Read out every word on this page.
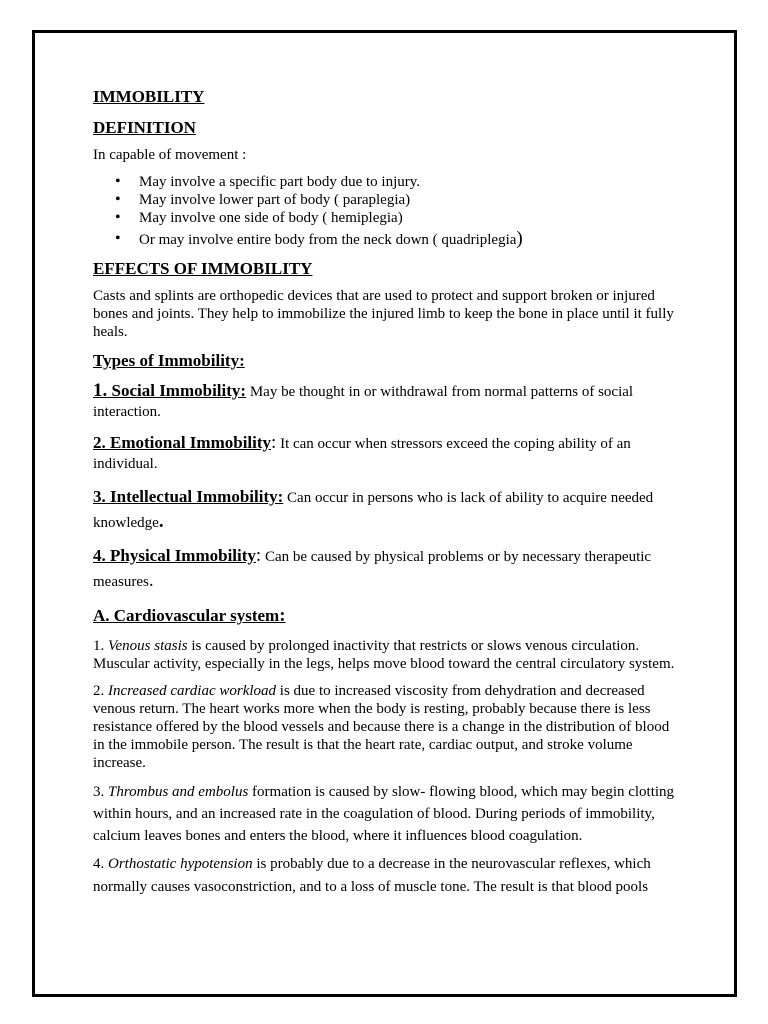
IMMOBILITY
DEFINITION

In capable of movement :

• May involve a specific part body due to injury.
• May involve lower part of body ( paraplegia)
• May involve one side of body ( hemiplegia)
• Or may involve entire body from the neck down ( quadriplegia)
EFFECTS OF IMMOBILITY

Casts and splints are orthopedic devices that are used to protect and support broken or injured bones and joints. They help to immobilize the injured limb to keep the bone in place until it fully heals.

Types of Immobility:

1. Social Immobility: May be thought in or withdrawal from normal patterns of social interaction.

2. Emotional Immobility: It can occur when stressors exceed the coping ability of an individual.

3. Intellectual Immobility: Can occur in persons who is lack of ability to acquire needed knowledge.

4. Physical Immobility: Can be caused by physical problems or by necessary therapeutic measures.

A. Cardiovascular system:

1. Venous stasis is caused by prolonged inactivity that restricts or slows venous circulation. Muscular activity, especially in the legs, helps move blood toward the central circulatory system.

2. Increased cardiac workload is due to increased viscosity from dehydration and decreased venous return. The heart works more when the body is resting, probably because there is less resistance offered by the blood vessels and because there is a change in the distribution of blood in the immobile person. The result is that the heart rate, cardiac output, and stroke volume increase.

3. Thrombus and embolus formation is caused by slow- flowing blood, which may begin clotting within hours, and an increased rate in the coagulation of blood. During periods of immobility, calcium leaves bones and enters the blood, where it influences blood coagulation.

4. Orthostatic hypotension is probably due to a decrease in the neurovascular reflexes, which normally causes vasoconstriction, and to a loss of muscle tone. The result is that blood pools
